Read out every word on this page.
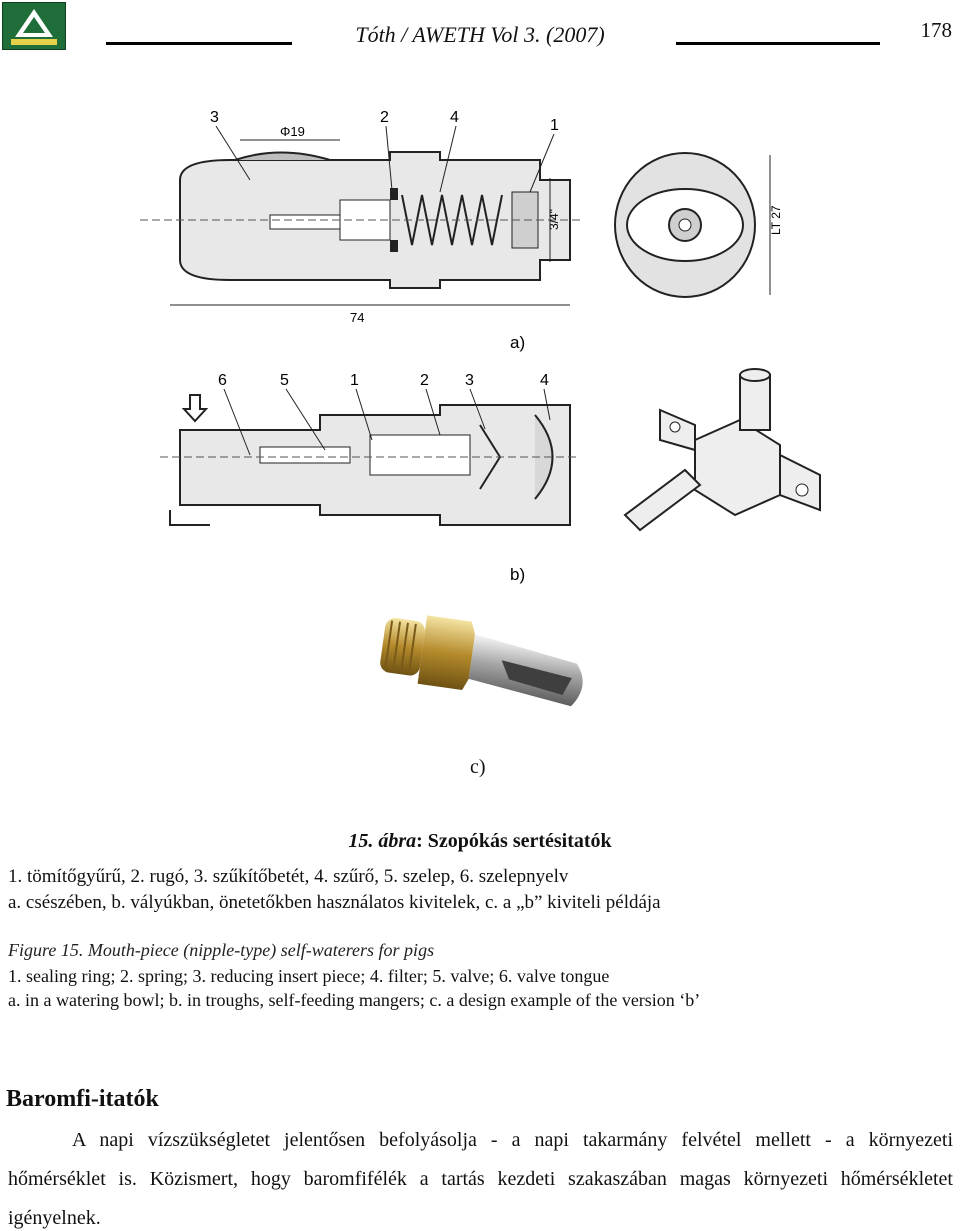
Tóth / AWETH Vol 3. (2007)	178
Φ19
74
3/4"
3	2	4	1
LT 27
a)
6	5	1	2 3	4
b)
c)
15. ábra: Szopókás sertésitatók
1. tömítőgyűrű, 2. rugó, 3. szűkítőbetét, 4. szűrő, 5. szelep, 6. szelepnyelv
a. csészében, b. vályúkban, önetetőkben használatos kivitelek, c. a „b” kiviteli példája
Figure 15. Mouth-piece (nipple-type) self-waterers for pigs
1. sealing ring; 2. spring; 3. reducing insert piece; 4. filter; 5. valve; 6. valve tongue
a. in a watering bowl; b. in troughs, self-feeding mangers; c. a design example of the version ‘b’
Baromfi-itatók
A napi vízszükségletet jelentősen befolyásolja - a napi takarmány felvétel mellett - a környezeti
hőmérséklet is. Közismert, hogy baromfifélék a tartás kezdeti szakaszában magas környezeti hőmérsékletet
igényelnek.
